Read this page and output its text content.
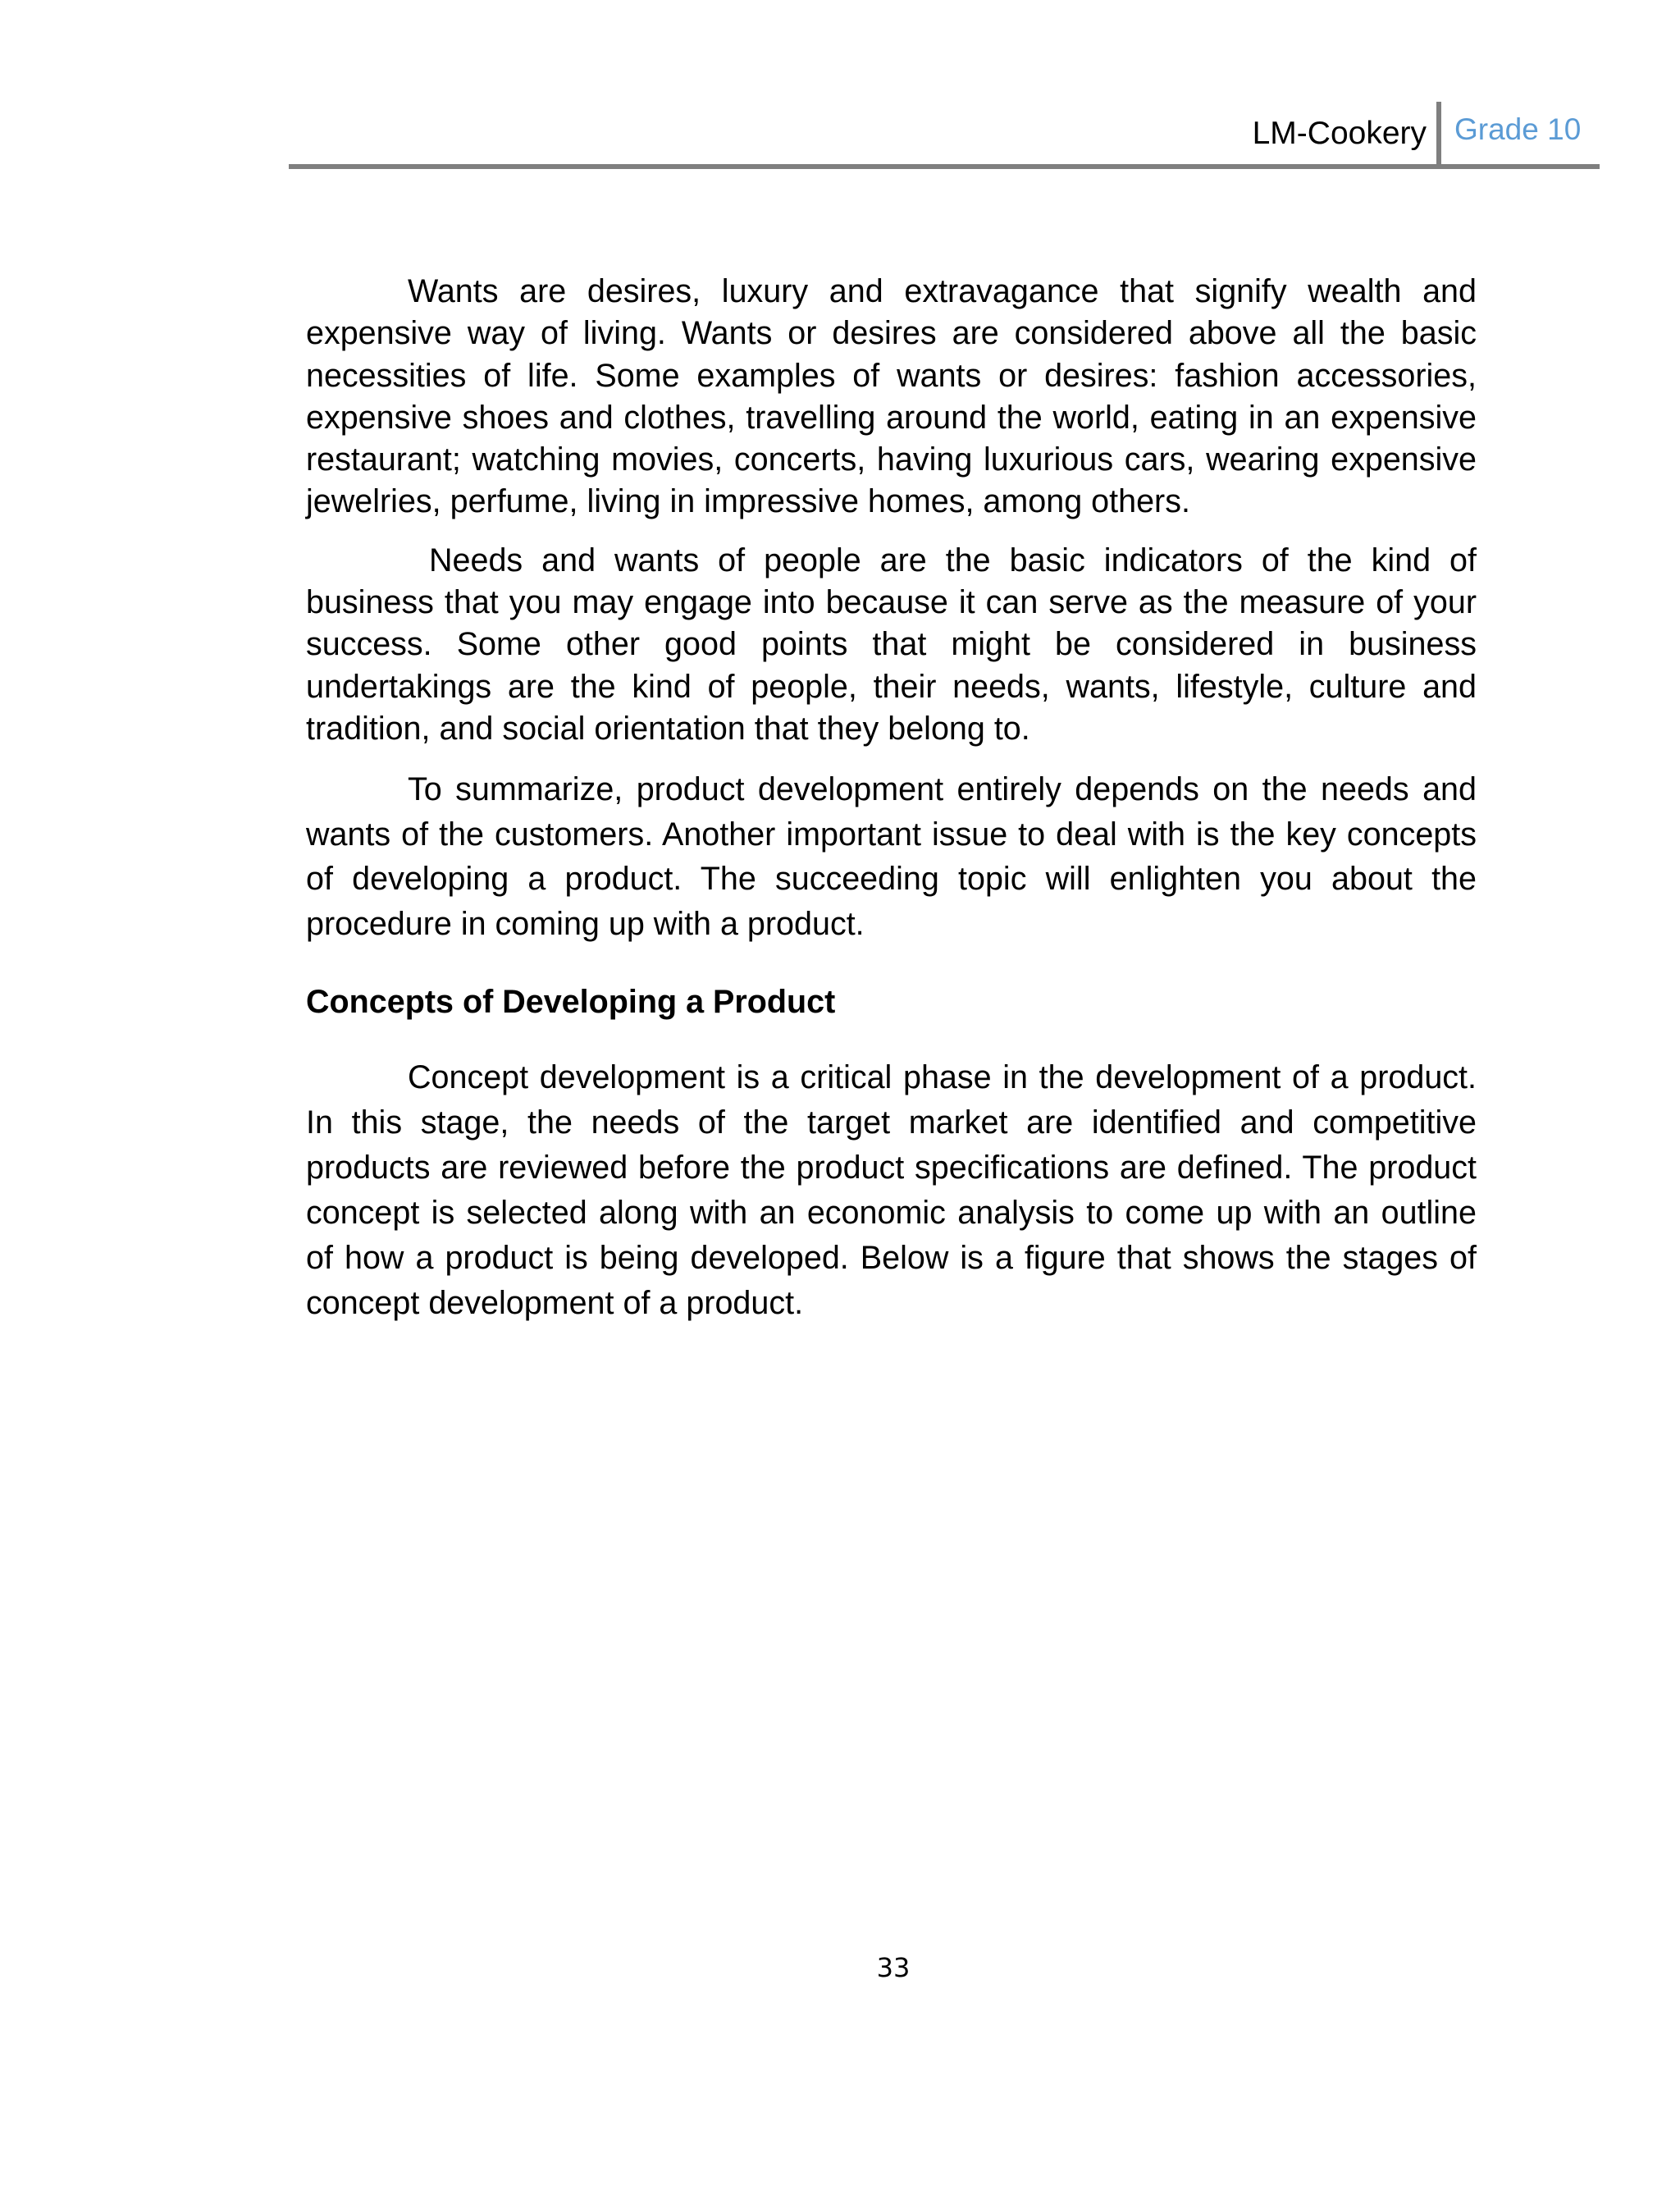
LM-Cookery Grade 10

Wants are desires, luxury and extravagance that signify wealth and expensive way of living. Wants or desires are considered above all the basic necessities of life. Some examples of wants or desires: fashion accessories, expensive shoes and clothes, travelling around the world, eating in an expensive restaurant; watching movies, concerts, having luxurious cars, wearing expensive jewelries, perfume, living in impressive homes, among others.

Needs and wants of people are the basic indicators of the kind of business that you may engage into because it can serve as the measure of your success. Some other good points that might be considered in business undertakings are the kind of people, their needs, wants, lifestyle, culture and tradition, and social orientation that they belong to.

To summarize, product development entirely depends on the needs and wants of the customers. Another important issue to deal with is the key concepts of developing a product. The succeeding topic will enlighten you about the procedure in coming up with a product.

Concepts of Developing a Product

Concept development is a critical phase in the development of a product. In this stage, the needs of the target market are identified and competitive products are reviewed before the product specifications are defined. The product concept is selected along with an economic analysis to come up with an outline of how a product is being developed. Below is a figure that shows the stages of concept development of a product.

33
